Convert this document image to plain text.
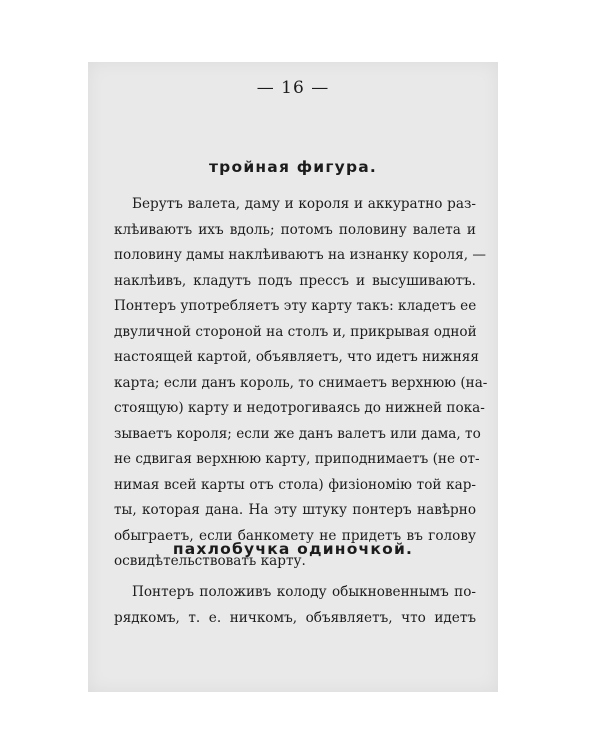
— 16 —
тройная фигура.
Берутъ валета, даму и короля и аккуратно раз-
клѣиваютъ ихъ вдоль; потомъ половину валета и
половину дамы наклѣиваютъ на изнанку короля, —
наклѣивъ, кладутъ подъ прессъ и высушиваютъ.
Понтеръ употребляетъ эту карту такъ: кладетъ ее
двуличной стороной на столъ и, прикрывая одной
настоящей картой, объявляетъ, что идетъ нижняя
карта; если данъ король, то снимаетъ верхнюю (на-
стоящую) карту и недотрогиваясь до нижней пока-
зываетъ короля; если же данъ валетъ или дама, то
не сдвигая верхнюю карту, приподнимаетъ (не от-
нимая всей карты отъ стола) физіономію той кар-
ты, которая дана. На эту штуку понтеръ навѣрно
обыграетъ, если банкомету не придетъ въ голову
освидѣтельствовать карту.
пахлобучка одиночкой.
Понтеръ положивъ колоду обыкновеннымъ по-
рядкомъ, т. е. ничкомъ, объявляетъ, что идетъ
